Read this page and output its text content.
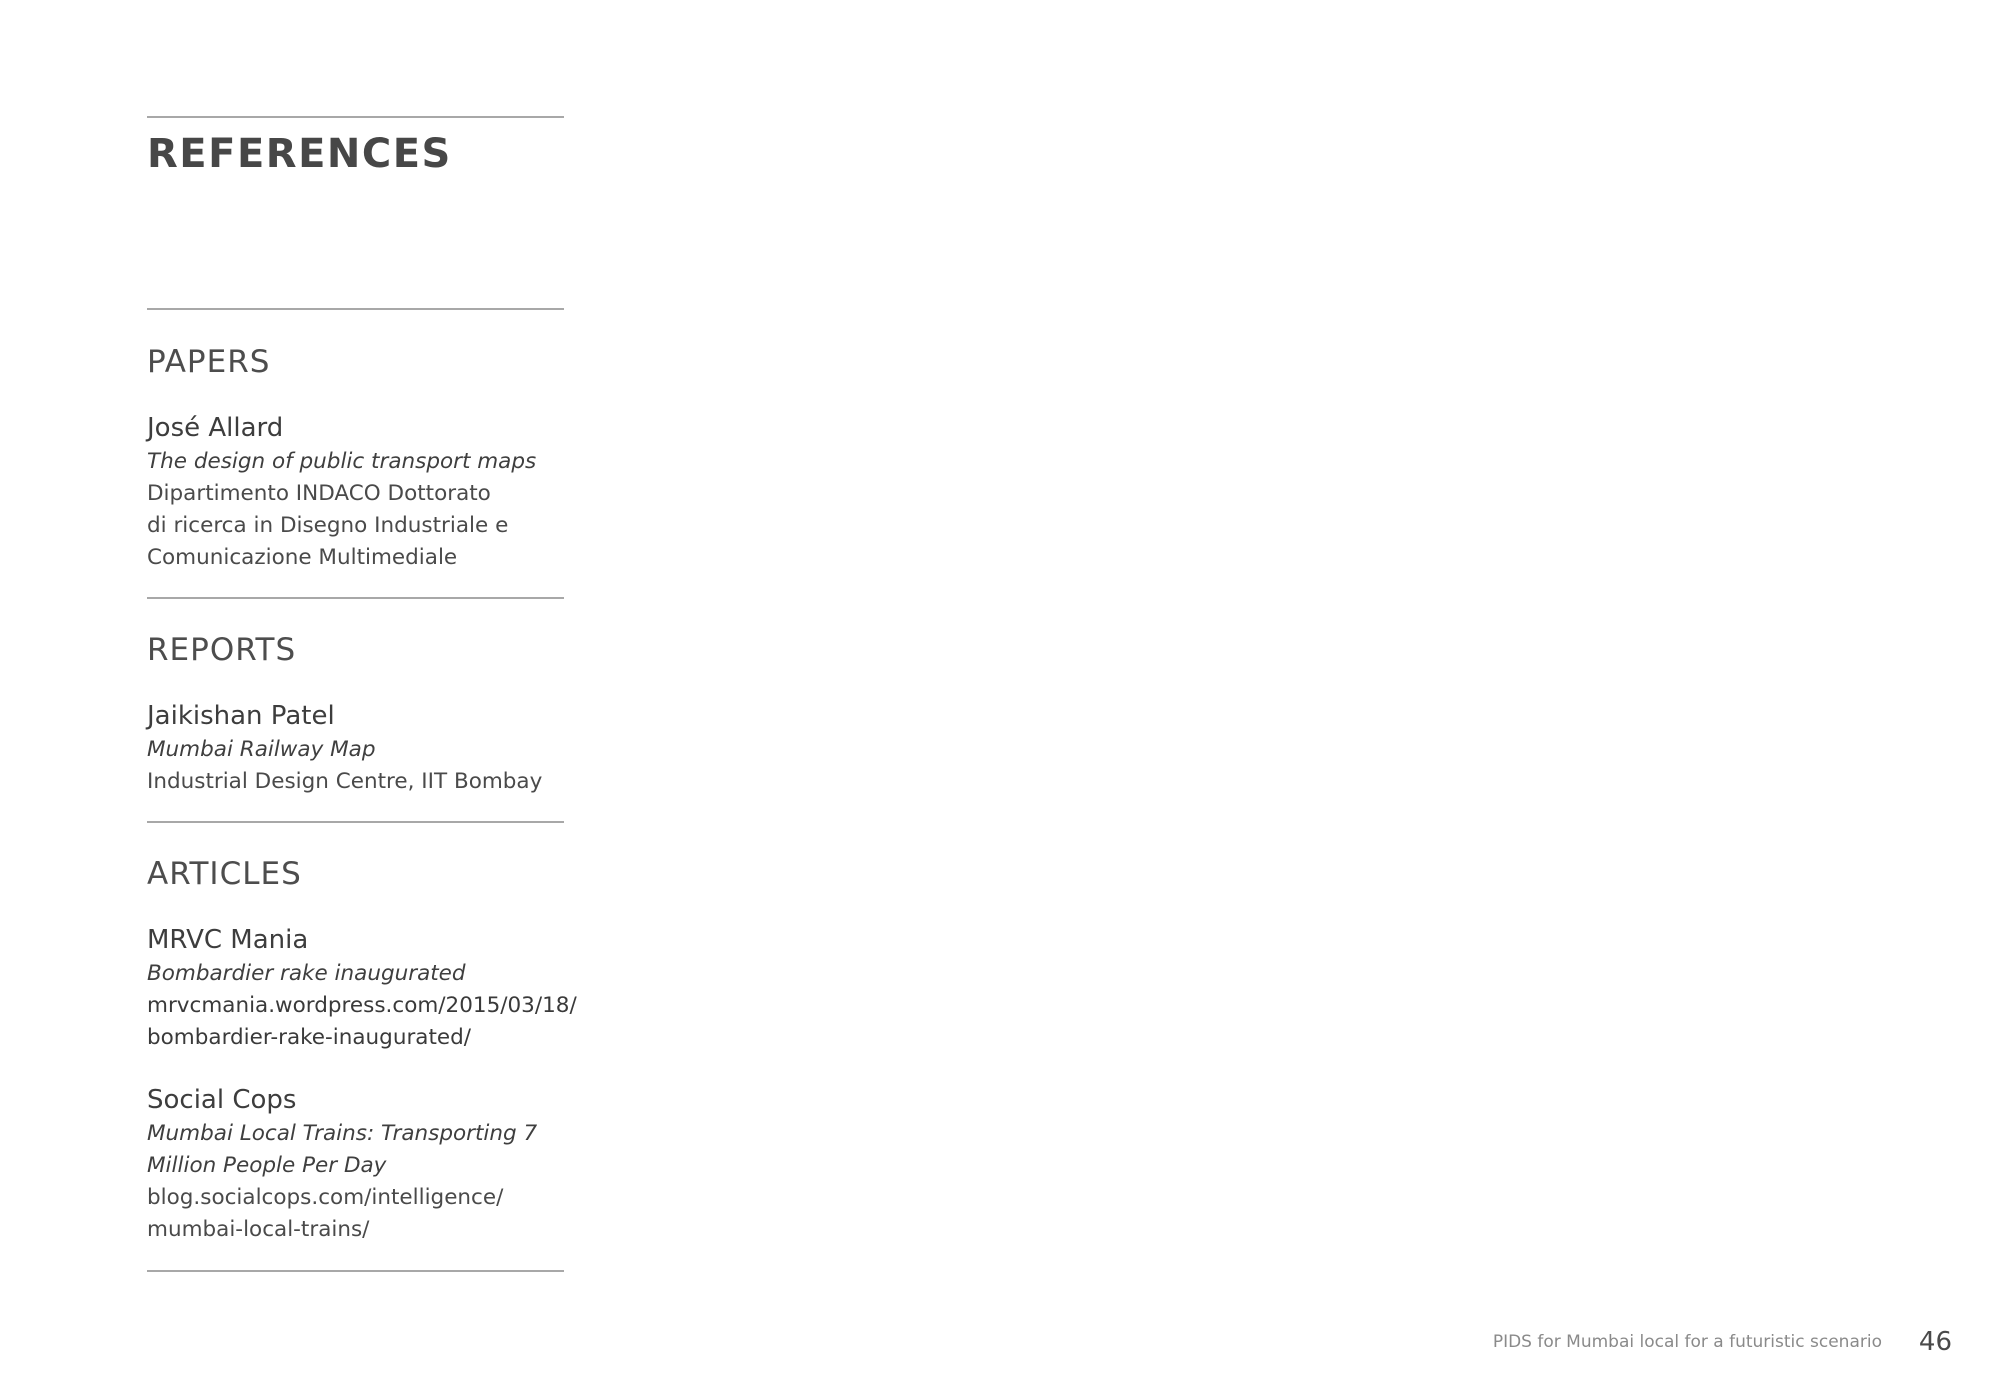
REFERENCES
PAPERS
José Allard
The design of public transport maps
Dipartimento INDACO Dottorato
di ricerca in Disegno Industriale e
Comunicazione Multimediale
REPORTS
Jaikishan Patel
Mumbai Railway Map
Industrial Design Centre, IIT Bombay
ARTICLES
MRVC Mania
Bombardier rake inaugurated
mrvcmania.wordpress.com/2015/03/18/
bombardier-rake-inaugurated/
Social Cops
Mumbai Local Trains: Transporting 7
Million People Per Day
blog.socialcops.com/intelligence/
mumbai-local-trains/
PIDS for Mumbai local for a futuristic scenario 46
